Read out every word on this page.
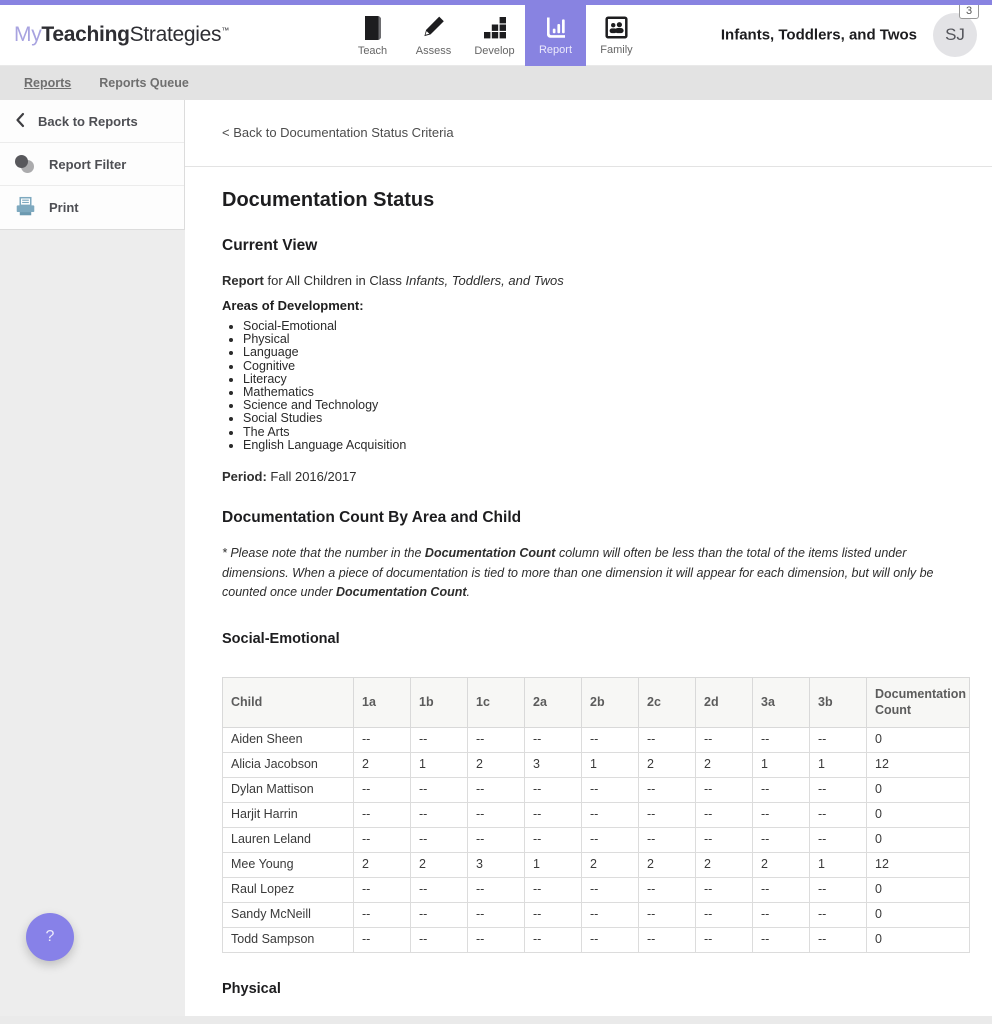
MyTeachingStrategies™
Teach	Assess Develop Report	Family
Infants, Toddlers, and Twos
3
SJ
Reports Reports Queue
Back to Reports
Report Filter
Print
< Back to Documentation Status Criteria
Documentation Status
Current View
Report for All Children in Class Infants, Toddlers, and Twos
Areas of Development:
• Social-Emotional
• Physical
• Language
• Cognitive
• Literacy
• Mathematics
• Science and Technology
• Social Studies
• The Arts
• English Language Acquisition
Period: Fall 2016/2017
Documentation Count By Area and Child

* Please note that the number in the Documentation Count column will often be less than the total of the items listed under dimensions. When a piece of documentation is tied to more than one dimension it will appear for each dimension, but will only be counted once under Documentation Count.

Social-Emotional
Child	1a	1b	1c	2a	2b	2c	2d	3a	3b	Documentation Count
Aiden Sheen	--	--	--	--	--	--	--	--	--	0
Alicia Jacobson	2	1	2	3	1	2	2	1	1	12
Dylan Mattison	--	--	--	--	--	--	--	--	--	0
Harjit Harrin	--	--	--	--	--	--	--	--	--	0
Lauren Leland	--	--	--	--	--	--	--	--	--	0
Mee Young	2	2	3	1	2	2	2	2	1	12
Raul Lopez	--	--	--	--	--	--	--	--	--	0
Sandy McNeill	--	--	--	--	--	--	--	--	--	0
Todd Sampson	--	--	--	--	--	--	--	--	--	0
Physical
?
